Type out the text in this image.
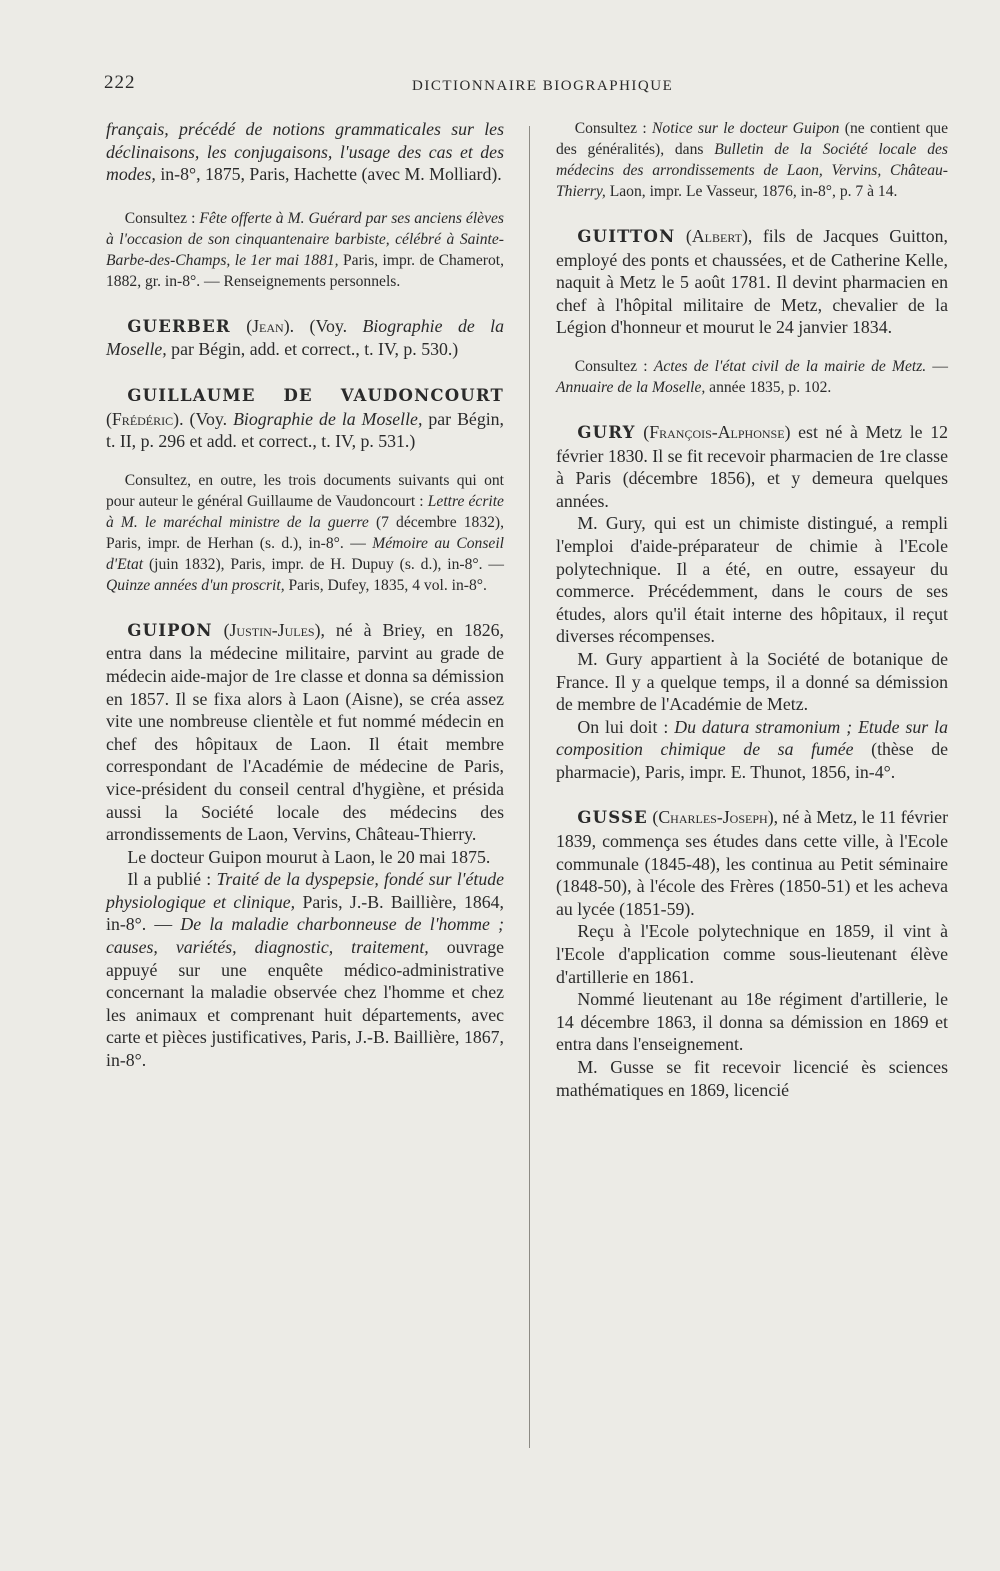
222	DICTIONNAIRE BIOGRAPHIQUE

français, précédé de notions grammaticales sur les déclinaisons, les conjugaisons, l'usage des cas et des modes, in-8°, 1875, Paris, Hachette (avec M. Molliard).

Consultez : Fête offerte à M. Guérard par ses anciens élèves à l'occasion de son cinquantenaire barbiste, célébré à Sainte-Barbe-des-Champs, le 1er mai 1881, Paris, impr. de Chamerot, 1882, gr. in-8°. — Renseignements personnels.

GUERBER (Jean). (Voy. Biographie de la Moselle, par Bégin, add. et correct., t. IV, p. 530.)

GUILLAUME DE VAUDONCOURT (Frédéric). (Voy. Biographie de la Moselle, par Bégin, t. II, p. 296 et add. et correct., t. IV, p. 531.)

Consultez, en outre, les trois documents suivants qui ont pour auteur le général Guillaume de Vaudoncourt : Lettre écrite à M. le maréchal ministre de la guerre (7 décembre 1832), Paris, impr. de Herhan (s. d.), in-8°. — Mémoire au Conseil d'Etat (juin 1832), Paris, impr. de H. Dupuy (s. d.), in-8°. — Quinze années d'un proscrit, Paris, Dufey, 1835, 4 vol. in-8°.

GUIPON (Justin-Jules), né à Briey, en 1826, entra dans la médecine militaire, parvint au grade de médecin aide-major de 1re classe et donna sa démission en 1857. Il se fixa alors à Laon (Aisne), se créa assez vite une nombreuse clientèle et fut nommé médecin en chef des hôpitaux de Laon. Il était membre correspondant de l'Académie de médecine de Paris, vice-président du conseil central d'hygiène, et présida aussi la Société locale des médecins des arrondissements de Laon, Vervins, Château-Thierry.

Le docteur Guipon mourut à Laon, le 20 mai 1875.

Il a publié : Traité de la dyspepsie, fondé sur l'étude physiologique et clinique, Paris, J.-B. Baillière, 1864, in-8°. — De la maladie charbonneuse de l'homme ; causes, variétés, diagnostic, traitement, ouvrage appuyé sur une enquête médico-administrative concernant la maladie observée chez l'homme et chez les animaux et comprenant huit départements, avec carte et pièces justificatives, Paris, J.-B. Baillière, 1867, in-8°.

Consultez : Notice sur le docteur Guipon (ne contient que des généralités), dans Bulletin de la Société locale des médecins des arrondissements de Laon, Vervins, Château-Thierry, Laon, impr. Le Vasseur, 1876, in-8°, p. 7 à 14.

GUITTON (Albert), fils de Jacques Guitton, employé des ponts et chaussées, et de Catherine Kelle, naquit à Metz le 5 août 1781. Il devint pharmacien en chef à l'hôpital militaire de Metz, chevalier de la Légion d'honneur et mourut le 24 janvier 1834.

Consultez : Actes de l'état civil de la mairie de Metz. — Annuaire de la Moselle, année 1835, p. 102.

GURY (François-Alphonse) est né à Metz le 12 février 1830. Il se fit recevoir pharmacien de 1re classe à Paris (décembre 1856), et y demeura quelques années.

M. Gury, qui est un chimiste distingué, a rempli l'emploi d'aide-préparateur de chimie à l'Ecole polytechnique. Il a été, en outre, essayeur du commerce. Précédemment, dans le cours de ses études, alors qu'il était interne des hôpitaux, il reçut diverses récompenses.

M. Gury appartient à la Société de botanique de France. Il y a quelque temps, il a donné sa démission de membre de l'Académie de Metz.

On lui doit : Du datura stramonium ; Etude sur la composition chimique de sa fumée (thèse de pharmacie), Paris, impr. E. Thunot, 1856, in-4°.

GUSSE (Charles-Joseph), né à Metz, le 11 février 1839, commença ses études dans cette ville, à l'Ecole communale (1845-48), les continua au Petit séminaire (1848-50), à l'école des Frères (1850-51) et les acheva au lycée (1851-59).

Reçu à l'Ecole polytechnique en 1859, il vint à l'Ecole d'application comme sous-lieutenant élève d'artillerie en 1861.

Nommé lieutenant au 18e régiment d'artillerie, le 14 décembre 1863, il donna sa démission en 1869 et entra dans l'enseignement.

M. Gusse se fit recevoir licencié ès sciences mathématiques en 1869, licencié
